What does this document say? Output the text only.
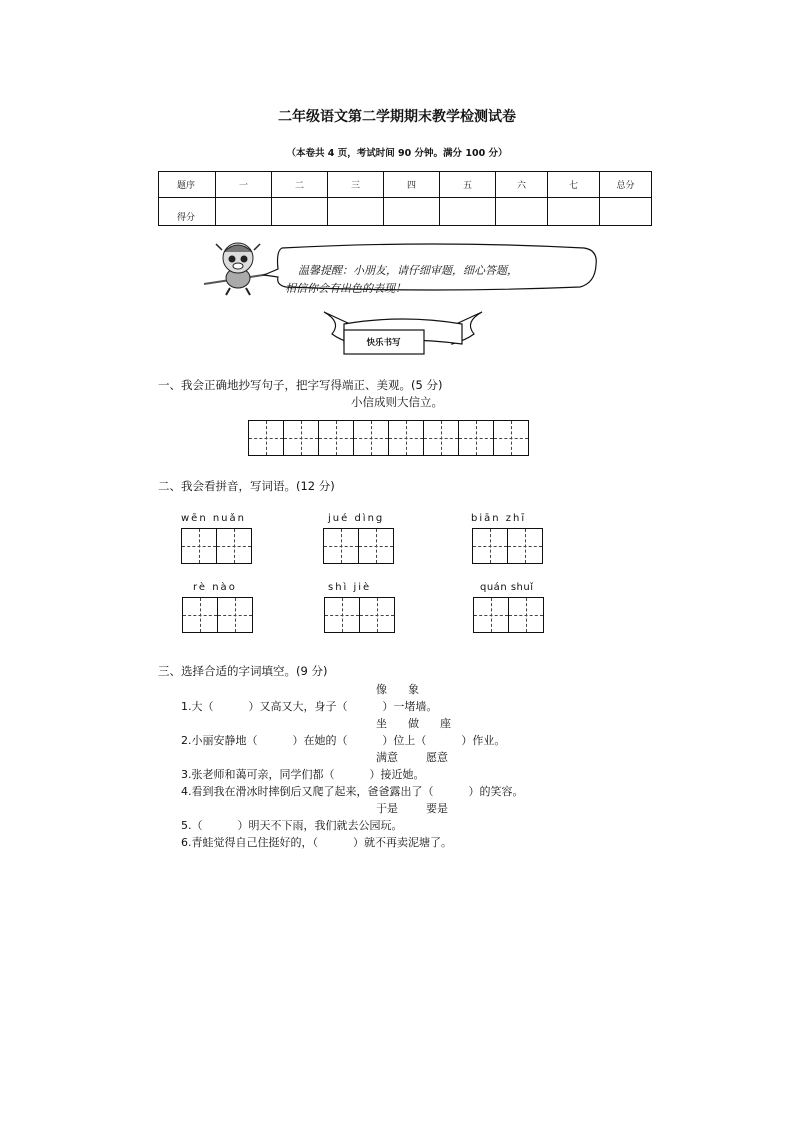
二年级语文第二学期期末教学检测试卷
（本卷共 4 页，考试时间 90 分钟。满分 100 分）
题序	一	二	三	四	五	六	七	总分
得分								
温馨提醒：小朋友，请仔细审题，细心答题，
相信你会有出色的表现！
快乐书写
一、我会正确地抄写句子，把字写得端正、美观。(5 分)
小信成则大信立。
二、我会看拼音，写词语。(12 分)
wēn nuǎn	jué dìng	biān zhī
rè nào	shì jiè	quán shuǐ
三、选择合适的字词填空。(9 分)
像      象
1.大（          ）又高又大，身子（          ）一堵墙。
坐      做      座
2.小丽安静地（          ）在她的（          ）位上（          ）作业。
满意        愿意
3.张老师和蔼可亲，同学们都（          ）接近她。
4.看到我在滑冰时摔倒后又爬了起来，爸爸露出了（          ）的笑容。
于是        要是
5.（          ）明天不下雨，我们就去公园玩。
6.青蛙觉得自己住挺好的，（          ）就不再卖泥塘了。
